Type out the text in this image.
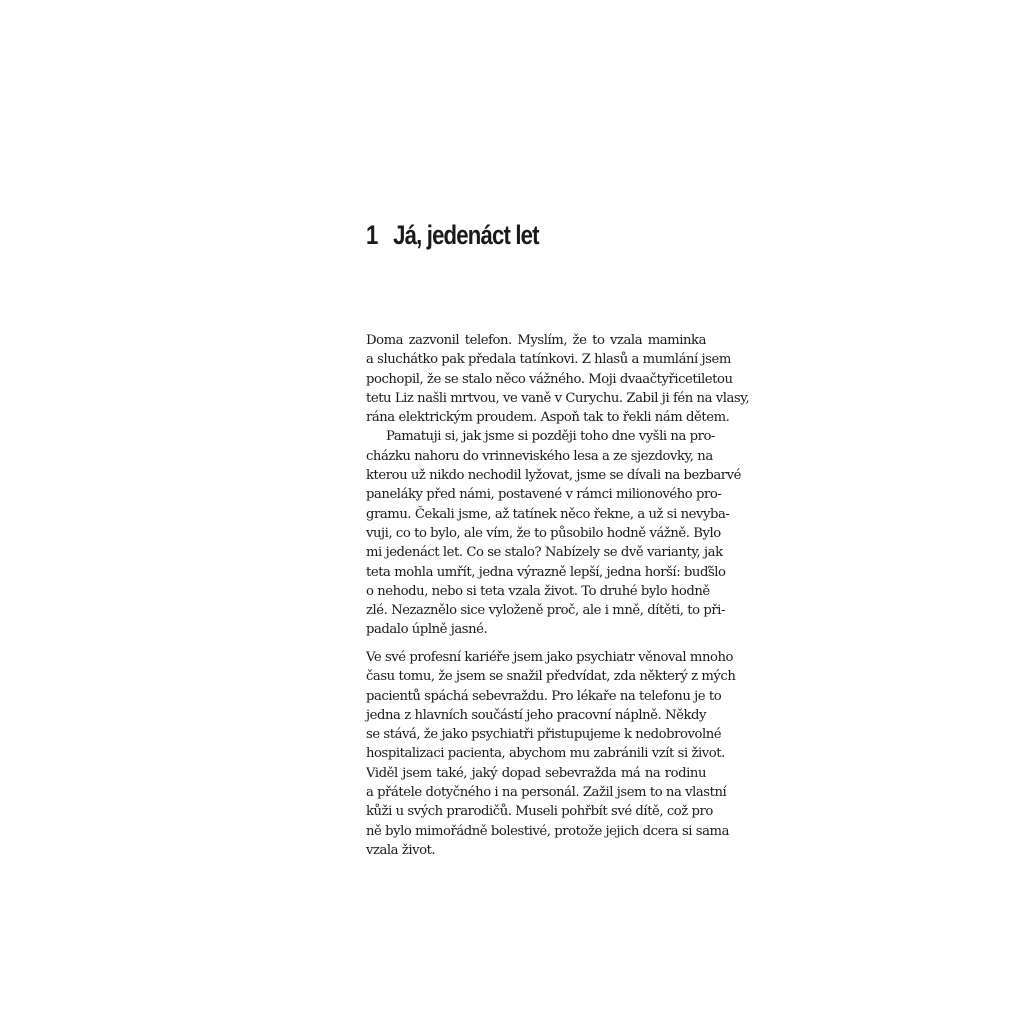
1 Já, jedenáct let
Doma zazvonil telefon. Myslím, že to vzala maminka
a sluchátko pak předala tatínkovi. Z hlasů a mumlání jsem
pochopil, že se stalo něco vážného. Moji dvaačtyřicetiletou
tetu Liz našli mrtvou, ve vaně v Curychu. Zabil ji fén na vlasy,
rána elektrickým proudem. Aspoň tak to řekli nám dětem.
Pamatuji si, jak jsme si později toho dne vyšli na pro-
cházku nahoru do vrinneviského lesa a ze sjezdovky, na
kterou už nikdo nechodil lyžovat, jsme se dívali na bezbarvé
paneláky před námi, postavené v rámci milionového pro-
gramu. Čekali jsme, až tatínek něco řekne, a už si nevyba-
vuji, co to bylo, ale vím, že to působilo hodně vážně. Bylo
mi jedenáct let. Co se stalo? Nabízely se dvě varianty, jak
teta mohla umřít, jedna výrazně lepší, jedna horší: buďšlo
o nehodu, nebo si teta vzala život. To druhé bylo hodně
zlé. Nezaznělo sice vyloženě proč, ale i mně, dítěti, to při-
padalo úplně jasné.
Ve své profesní kariéře jsem jako psychiatr věnoval mnoho
času tomu, že jsem se snažil předvídat, zda některý z mých
pacientů spáchá sebevraždu. Pro lékaře na telefonu je to
jedna z hlavních součástí jeho pracovní náplně. Někdy
se stává, že jako psychiatři přistupujeme k nedobrovolné
hospitalizaci pacienta, abychom mu zabránili vzít si život.
Viděl jsem také, jaký dopad sebevražda má na rodinu
a přátele dotyčného i na personál. Zažil jsem to na vlastní
kůži u svých prarodičů. Museli pohřbít své dítě, což pro
ně bylo mimořádně bolestivé, protože jejich dcera si sama
vzala život.
